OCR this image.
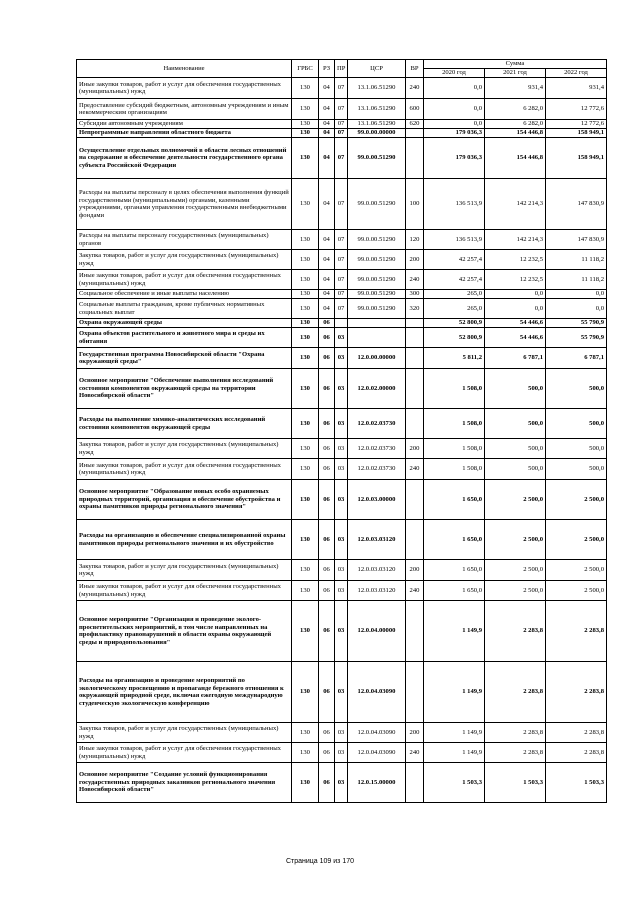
Наименование	ГРБС	РЗ	ПР	ЦСР	ВР	Сумма		
						2020 год	2021 год	2022 год
Иные закупки товаров, работ и услуг для обеспечения государственных (муниципальных) нужд	130	04	07	13.1.06.51290	240	0,0	931,4	931,4
Предоставление субсидий бюджетным, автономным учреждениям и иным некоммерческим организациям	130	04	07	13.1.06.51290	600	0,0	6 282,0	12 772,6
Субсидии автономным учреждениям	130	04	07	13.1.06.51290	620	0,0	6 282,0	12 772,6
Непрограммные направления областного бюджета	130	04	07	99.0.00.00000		179 036,3	154 446,8	158 949,1
Осуществление отдельных полномочий в области лесных отношений на содержание и обеспечение деятельности государственного органа субъекта Российской Федерации	130	04	07	99.0.00.51290		179 036,3	154 446,8	158 949,1
Расходы на выплаты персоналу в целях обеспечения выполнения функций государственными (муниципальными) органами, казенными учреждениями, органами управления государственными внебюджетными фондами	130	04	07	99.0.00.51290	100	136 513,9	142 214,3	147 830,9
Расходы на выплаты персоналу государственных (муниципальных) органов	130	04	07	99.0.00.51290	120	136 513,9	142 214,3	147 830,9
Закупка товаров, работ и услуг для государственных (муниципальных) нужд	130	04	07	99.0.00.51290	200	42 257,4	12 232,5	11 118,2
Иные закупки товаров, работ и услуг для обеспечения государственных (муниципальных) нужд	130	04	07	99.0.00.51290	240	42 257,4	12 232,5	11 118,2
Социальное обеспечение и иные выплаты населению	130	04	07	99.0.00.51290	300	265,0	0,0	0,0
Социальные выплаты гражданам, кроме публичных нормативных социальных выплат	130	04	07	99.0.00.51290	320	265,0	0,0	0,0
Охрана окружающей среды	130	06				52 800,9	54 446,6	55 790,9
Охрана объектов растительного и животного мира и среды их обитания	130	06	03			52 800,9	54 446,6	55 790,9
Государственная программа Новосибирской области "Охрана окружающей среды"	130	06	03	12.0.00.00000		5 811,2	6 787,1	6 787,1
Основное мероприятие "Обеспечение выполнения исследований состояния компонентов окружающей среды на территории Новосибирской области"	130	06	03	12.0.02.00000		1 508,0	500,0	500,0
Расходы на выполнение химико-аналитических исследований состояния компонентов окружающей среды	130	06	03	12.0.02.03730		1 508,0	500,0	500,0
Закупка товаров, работ и услуг для государственных (муниципальных) нужд	130	06	03	12.0.02.03730	200	1 508,0	500,0	500,0
Иные закупки товаров, работ и услуг для обеспечения государственных (муниципальных) нужд	130	06	03	12.0.02.03730	240	1 508,0	500,0	500,0
Основное мероприятие "Образование новых особо охраняемых природных территорий, организация и обеспечение обустройства и охраны памятников природы регионального значения"	130	06	03	12.0.03.00000		1 650,0	2 500,0	2 500,0
Расходы на организацию и обеспечение специализированной охраны памятников природы регионального значения и их обустройство	130	06	03	12.0.03.03120		1 650,0	2 500,0	2 500,0
Закупка товаров, работ и услуг для государственных (муниципальных) нужд	130	06	03	12.0.03.03120	200	1 650,0	2 500,0	2 500,0
Иные закупки товаров, работ и услуг для обеспечения государственных (муниципальных) нужд	130	06	03	12.0.03.03120	240	1 650,0	2 500,0	2 500,0
Основное мероприятие "Организация и проведение эколого-просветительских мероприятий, в том числе направленных на профилактику правонарушений в области охраны окружающей среды и природопользования"	130	06	03	12.0.04.00000		1 149,9	2 283,8	2 283,8
Расходы на организацию и проведение мероприятий по экологическому просвещению и пропаганде бережного отношения к окружающей природной среде, включая ежегодную международную студенческую экологическую конференцию	130	06	03	12.0.04.03090		1 149,9	2 283,8	2 283,8
Закупка товаров, работ и услуг для государственных (муниципальных) нужд	130	06	03	12.0.04.03090	200	1 149,9	2 283,8	2 283,8
Иные закупки товаров, работ и услуг для обеспечения государственных (муниципальных) нужд	130	06	03	12.0.04.03090	240	1 149,9	2 283,8	2 283,8
Основное мероприятие "Создание условий функционирования государственных природных заказников регионального значения Новосибирской области"	130	06	03	12.0.15.00000		1 503,3	1 503,3	1 503,3
Страница 109 из 170
